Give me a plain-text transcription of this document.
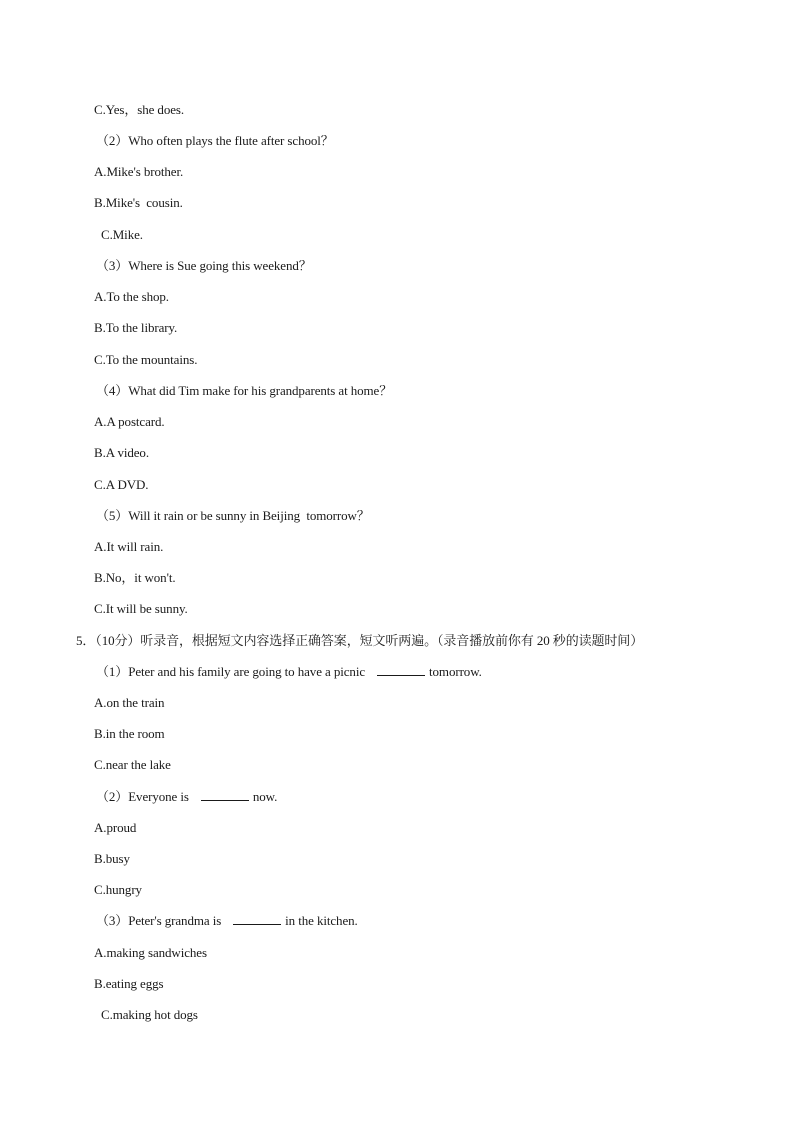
C.Yes，she does.
（2）Who often plays the flute after school？
A.Mike's brother.
B.Mike's  cousin.
C.Mike.
（3）Where is Sue going this weekend？
A.To the shop.
B.To the library.
C.To the mountains.
（4）What did Tim make for his grandparents at home？
A.A postcard.
B.A video.
C.A DVD.
（5）Will it rain or be sunny in Beijing  tomorrow？
A.It will rain.
B.No，it won't.
C.It will be sunny.
5．（10分）听录音，根据短文内容选择正确答案，短文听两遍。（录音播放前你有 20 秒的读题时间）
（1）Peter and his family are going to have a picnic	tomorrow.
A.on the train
B.in the room
C.near the lake
（2）Everyone is	now.
A.proud
B.busy
C.hungry
（3）Peter's grandma is	in the kitchen.
A.making sandwiches
B.eating eggs
C.making hot dogs
